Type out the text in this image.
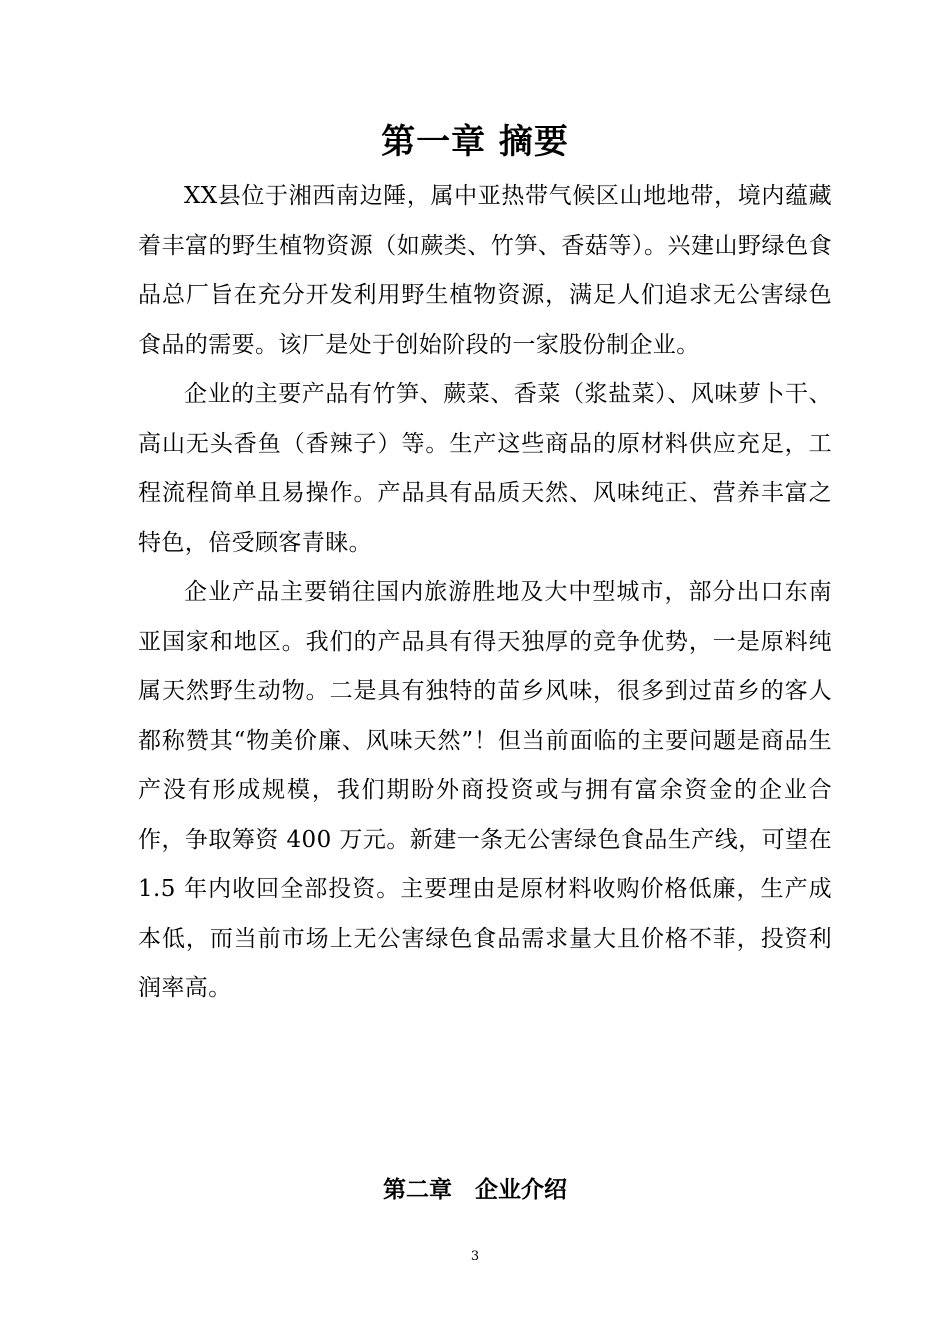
第一章 摘要

XX县位于湘西南边陲，属中亚热带气候区山地地带，境内蕴藏着丰富的野生植物资源（如蕨类、竹笋、香菇等）。兴建山野绿色食品总厂旨在充分开发利用野生植物资源，满足人们追求无公害绿色食品的需要。该厂是处于创始阶段的一家股份制企业。

企业的主要产品有竹笋、蕨菜、香菜（浆盐菜）、风味萝卜干、高山无头香鱼（香辣子）等。生产这些商品的原材料供应充足，工程流程简单且易操作。产品具有品质天然、风味纯正、营养丰富之特色，倍受顾客青睐。

企业产品主要销往国内旅游胜地及大中型城市，部分出口东南亚国家和地区。我们的产品具有得天独厚的竞争优势，一是原料纯属天然野生动物。二是具有独特的苗乡风味，很多到过苗乡的客人都称赞其“物美价廉、风味天然”！但当前面临的主要问题是商品生产没有形成规模，我们期盼外商投资或与拥有富余资金的企业合作，争取筹资 400 万元。新建一条无公害绿色食品生产线，可望在 1.5 年内收回全部投资。主要理由是原材料收购价格低廉，生产成本低，而当前市场上无公害绿色食品需求量大且价格不菲，投资利润率高。

第二章　企业介绍
3
